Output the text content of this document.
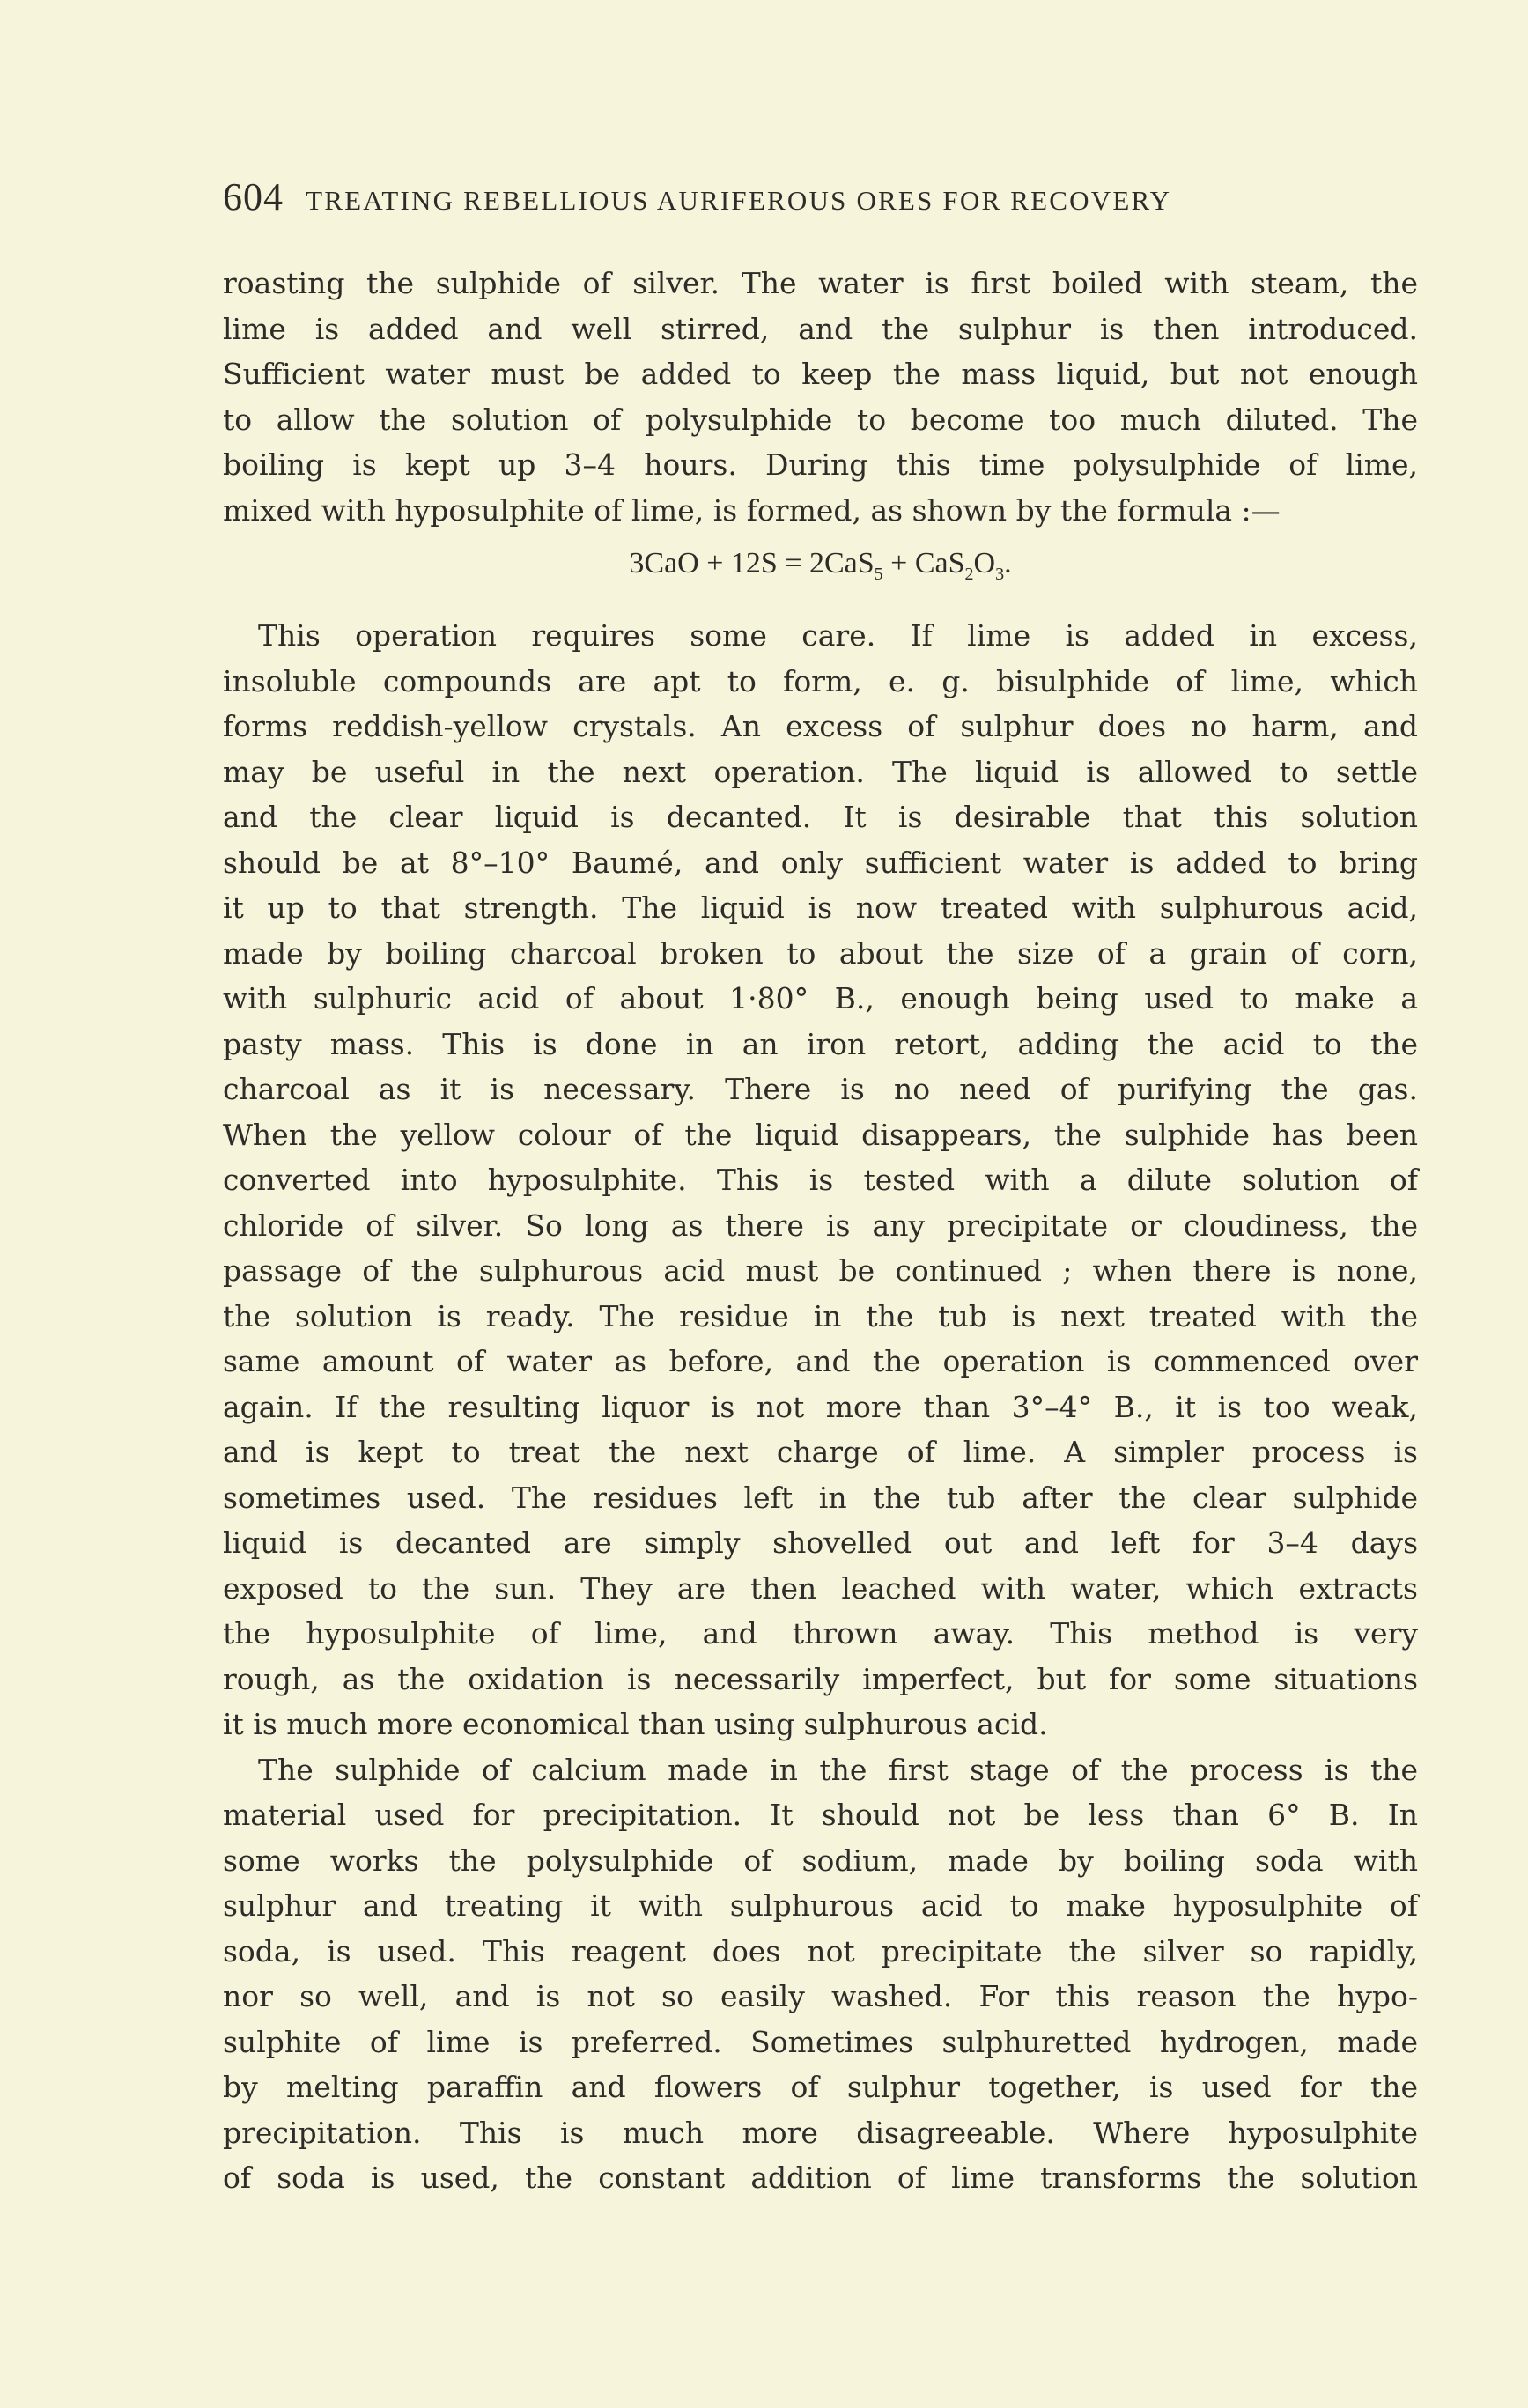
604 TREATING REBELLIOUS AURIFEROUS ORES FOR RECOVERY
roasting the sulphide of silver. The water is first boiled with steam, the
lime is added and well stirred, and the sulphur is then introduced.
Sufficient water must be added to keep the mass liquid, but not enough
to allow the solution of polysulphide to become too much diluted. The
boiling is kept up 3–4 hours. During this time polysulphide of lime,
mixed with hyposulphite of lime, is formed, as shown by the formula :—
$3CaO + 12S = 2CaS_5 + CaS_2O_3$.
This operation requires some care. If lime is added in excess,
insoluble compounds are apt to form, e. g. bisulphide of lime, which
forms reddish-yellow crystals. An excess of sulphur does no harm, and
may be useful in the next operation. The liquid is allowed to settle
and the clear liquid is decanted. It is desirable that this solution
should be at 8°–10° Baumé, and only sufficient water is added to bring
it up to that strength. The liquid is now treated with sulphurous acid,
made by boiling charcoal broken to about the size of a grain of corn,
with sulphuric acid of about 1·80° B., enough being used to make a
pasty mass. This is done in an iron retort, adding the acid to the
charcoal as it is necessary. There is no need of purifying the gas.
When the yellow colour of the liquid disappears, the sulphide has been
converted into hyposulphite. This is tested with a dilute solution of
chloride of silver. So long as there is any precipitate or cloudiness, the
passage of the sulphurous acid must be continued ; when there is none,
the solution is ready. The residue in the tub is next treated with the
same amount of water as before, and the operation is commenced over
again. If the resulting liquor is not more than 3°–4° B., it is too weak,
and is kept to treat the next charge of lime. A simpler process is
sometimes used. The residues left in the tub after the clear sulphide
liquid is decanted are simply shovelled out and left for 3–4 days
exposed to the sun. They are then leached with water, which extracts
the hyposulphite of lime, and thrown away. This method is very
rough, as the oxidation is necessarily imperfect, but for some situations
it is much more economical than using sulphurous acid.
The sulphide of calcium made in the first stage of the process is the
material used for precipitation. It should not be less than 6° B. In
some works the polysulphide of sodium, made by boiling soda with
sulphur and treating it with sulphurous acid to make hyposulphite of
soda, is used. This reagent does not precipitate the silver so rapidly,
nor so well, and is not so easily washed. For this reason the hypo-
sulphite of lime is preferred. Sometimes sulphuretted hydrogen, made
by melting paraffin and flowers of sulphur together, is used for the
precipitation. This is much more disagreeable. Where hyposulphite
of soda is used, the constant addition of lime transforms the solution
